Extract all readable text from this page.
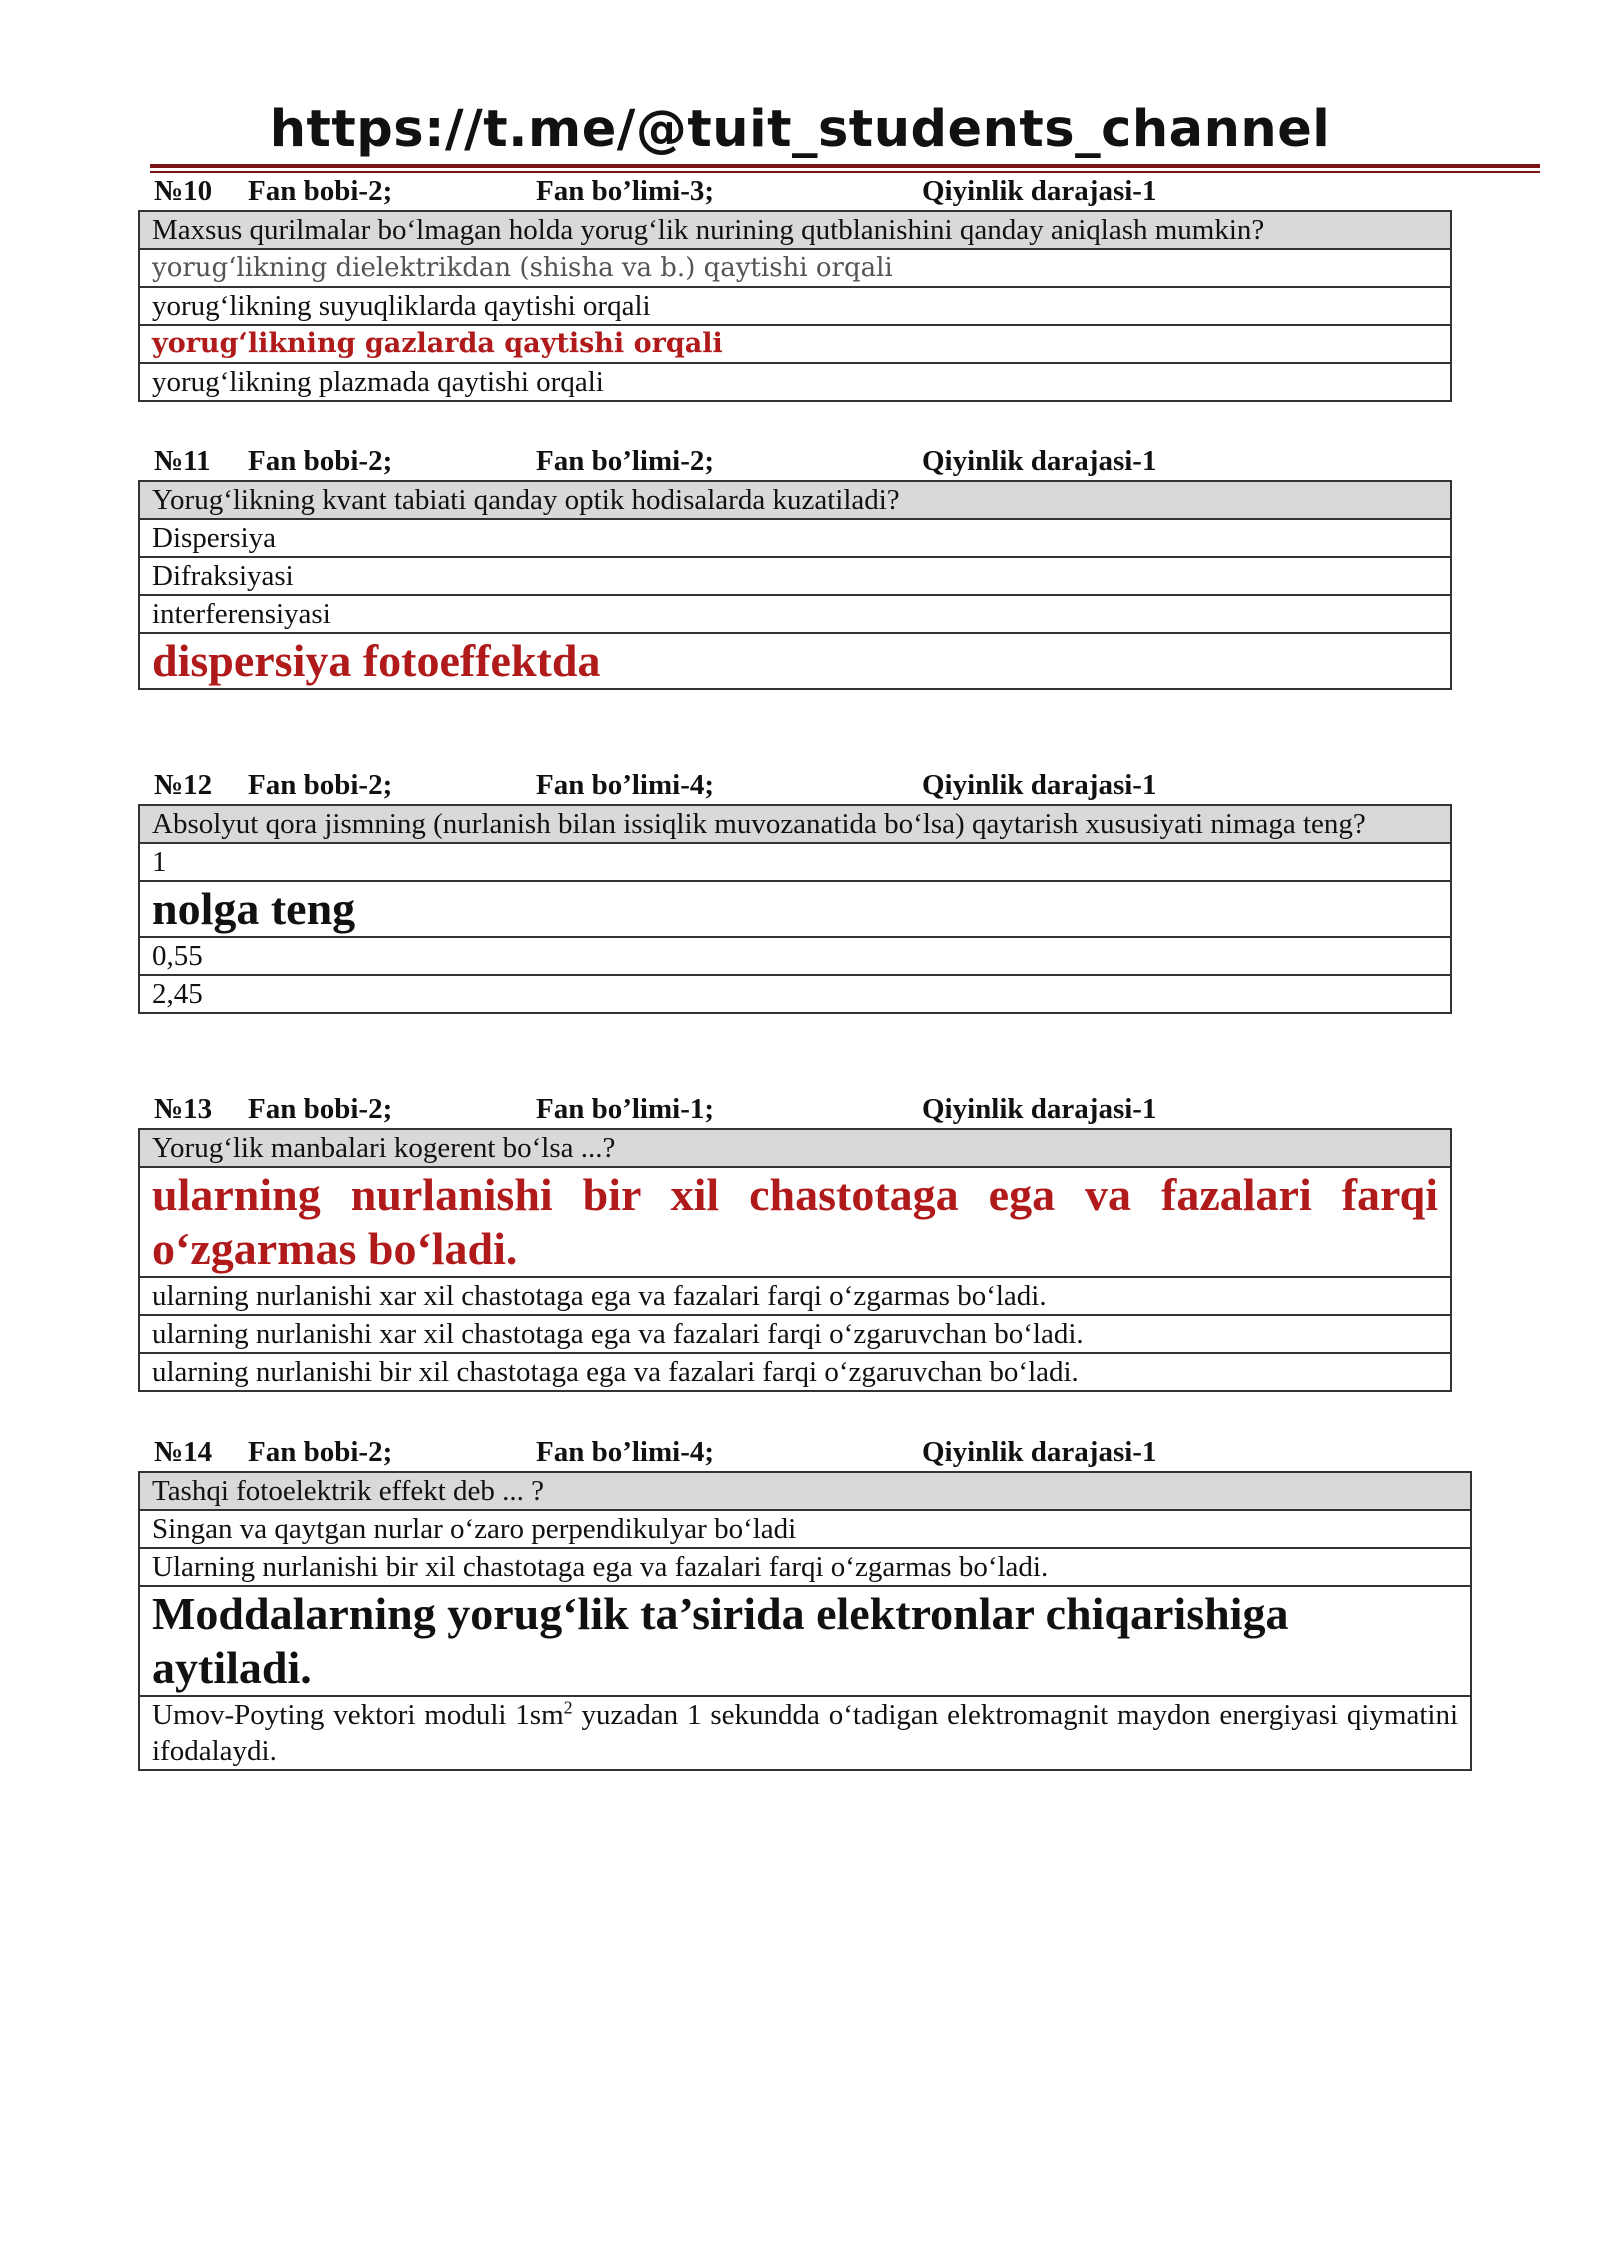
https://t.me/@tuit_students_channel
№10 Fan bobi-2;	Fan bo’limi-3;	Qiyinlik darajasi-1
Maxsus qurilmalar bo‘lmagan holda yorug‘lik nurining qutblanishini qanday aniqlash mumkin?
yorug‘likning dielektrikdan (shisha va b.) qaytishi orqali
yorug‘likning suyuqliklarda qaytishi orqali
yorug‘likning gazlarda qaytishi orqali
yorug‘likning plazmada qaytishi orqali
№11 Fan bobi-2;	Fan bo’limi-2;	Qiyinlik darajasi-1
Yorug‘likning kvant tabiati qanday optik hodisalarda kuzatiladi?
Dispersiya
Difraksiyasi
interferensiyasi
dispersiya fotoeffektda
№12 Fan bobi-2;	Fan bo’limi-4;	Qiyinlik darajasi-1
Absolyut qora jismning (nurlanish bilan issiqlik muvozanatida bo‘lsa) qaytarish xususiyati nimaga teng?
1
nolga teng
0,55
2,45
№13 Fan bobi-2;	Fan bo’limi-1;	Qiyinlik darajasi-1
Yorug‘lik manbalari kogerent bo‘lsa ...?
ularning nurlanishi bir xil chastotaga ega va fazalari farqi o‘zgarmas bo‘ladi.
ularning nurlanishi xar xil chastotaga ega va fazalari farqi o‘zgarmas bo‘ladi.
ularning nurlanishi xar xil chastotaga ega va fazalari farqi o‘zgaruvchan bo‘ladi.
ularning nurlanishi bir xil chastotaga ega va fazalari farqi o‘zgaruvchan bo‘ladi.
№14 Fan bobi-2;	Fan bo’limi-4;	Qiyinlik darajasi-1
Tashqi fotoelektrik effekt deb ... ?
Singan va qaytgan nurlar o‘zaro perpendikulyar bo‘ladi
Ularning nurlanishi bir xil chastotaga ega va fazalari farqi o‘zgarmas bo‘ladi.
Moddalarning yorug‘lik ta’sirida elektronlar chiqarishiga aytiladi.
Umov-Poyting vektori moduli $1sm^2$ yuzadan 1 sekundda o‘tadigan elektromagnit maydon energiyasi qiymatini ifodalaydi.
